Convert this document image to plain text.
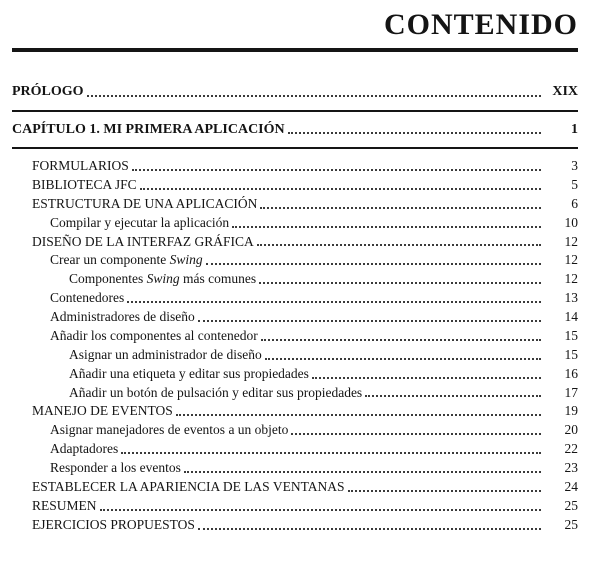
CONTENIDO
PRÓLOGO	XIX
CAPÍTULO 1. MI PRIMERA APLICACIÓN	1
FORMULARIOS	3
BIBLIOTECA JFC	5
ESTRUCTURA DE UNA APLICACIÓN	6
Compilar y ejecutar la aplicación	10
DISEÑO DE LA INTERFAZ GRÁFICA	12
Crear un componente Swing	12
Componentes Swing más comunes	12
Contenedores	13
Administradores de diseño	14
Añadir los componentes al contenedor	15
Asignar un administrador de diseño	15
Añadir una etiqueta y editar sus propiedades	16
Añadir un botón de pulsación y editar sus propiedades	17
MANEJO DE EVENTOS	19
Asignar manejadores de eventos a un objeto	20
Adaptadores	22
Responder a los eventos	23
ESTABLECER LA APARIENCIA DE LAS VENTANAS	24
RESUMEN	25
EJERCICIOS PROPUESTOS	25
